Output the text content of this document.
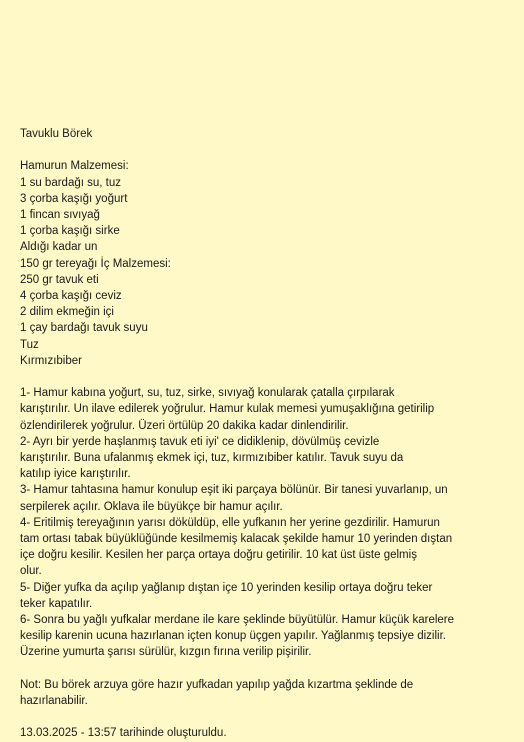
Tavuklu Börek
Hamurun Malzemesi:
1 su bardağı su, tuz
3 çorba kaşığı yoğurt
1 fincan sıvıyağ
1 çorba kaşığı sirke
Aldığı kadar un
150 gr tereyağı İç Malzemesi:
250 gr tavuk eti
4 çorba kaşığı ceviz
2 dilim ekmeğin içi
1 çay bardağı tavuk suyu
Tuz
Kırmızıbiber
1- Hamur kabına yoğurt, su, tuz, sirke, sıvıyağ konularak çatalla çırpılarak
karıştırılır. Un ilave edilerek yoğrulur. Hamur kulak memesi yumuşaklığına getirilip
özlendirilerek yoğrulur. Üzeri örtülüp 20 dakika kadar dinlendirilir.
2- Ayrı bir yerde haşlanmış tavuk eti iyi' ce didiklenip, dövülmüş cevizle
karıştırılır. Buna ufalanmış ekmek içi, tuz, kırmızıbiber katılır. Tavuk suyu da
katılıp iyice karıştırılır.
3- Hamur tahtasına hamur konulup eşit iki parçaya bölünür. Bir tanesi yuvarlanıp, un
serpilerek açılır. Oklava ile büyükçe bir hamur açılır.
4- Eritilmiş tereyağının yarısı döküldüp, elle yufkanın her yerine gezdirilir. Hamurun
tam ortası tabak büyüklüğünde kesilmemiş kalacak şekilde hamur 10 yerinden dıştan
içe doğru kesilir. Kesilen her parça ortaya doğru getirilir. 10 kat üst üste gelmiş
olur.
5- Diğer yufka da açılıp yağlanıp dıştan içe 10 yerinden kesilip ortaya doğru teker
teker kapatılır.
6- Sonra bu yağlı yufkalar merdane ile kare şeklinde büyütülür. Hamur küçük karelere
kesilip karenin ucuna hazırlanan içten konup üçgen yapılır. Yağlanmış tepsiye dizilir.
Üzerine yumurta şarısı sürülür, kızgın fırına verilip pişirilir.
Not: Bu börek arzuya göre hazır yufkadan yapılıp yağda kızartma şeklinde de
hazırlanabilir.
13.03.2025 - 13:57 tarihinde oluşturuldu.
